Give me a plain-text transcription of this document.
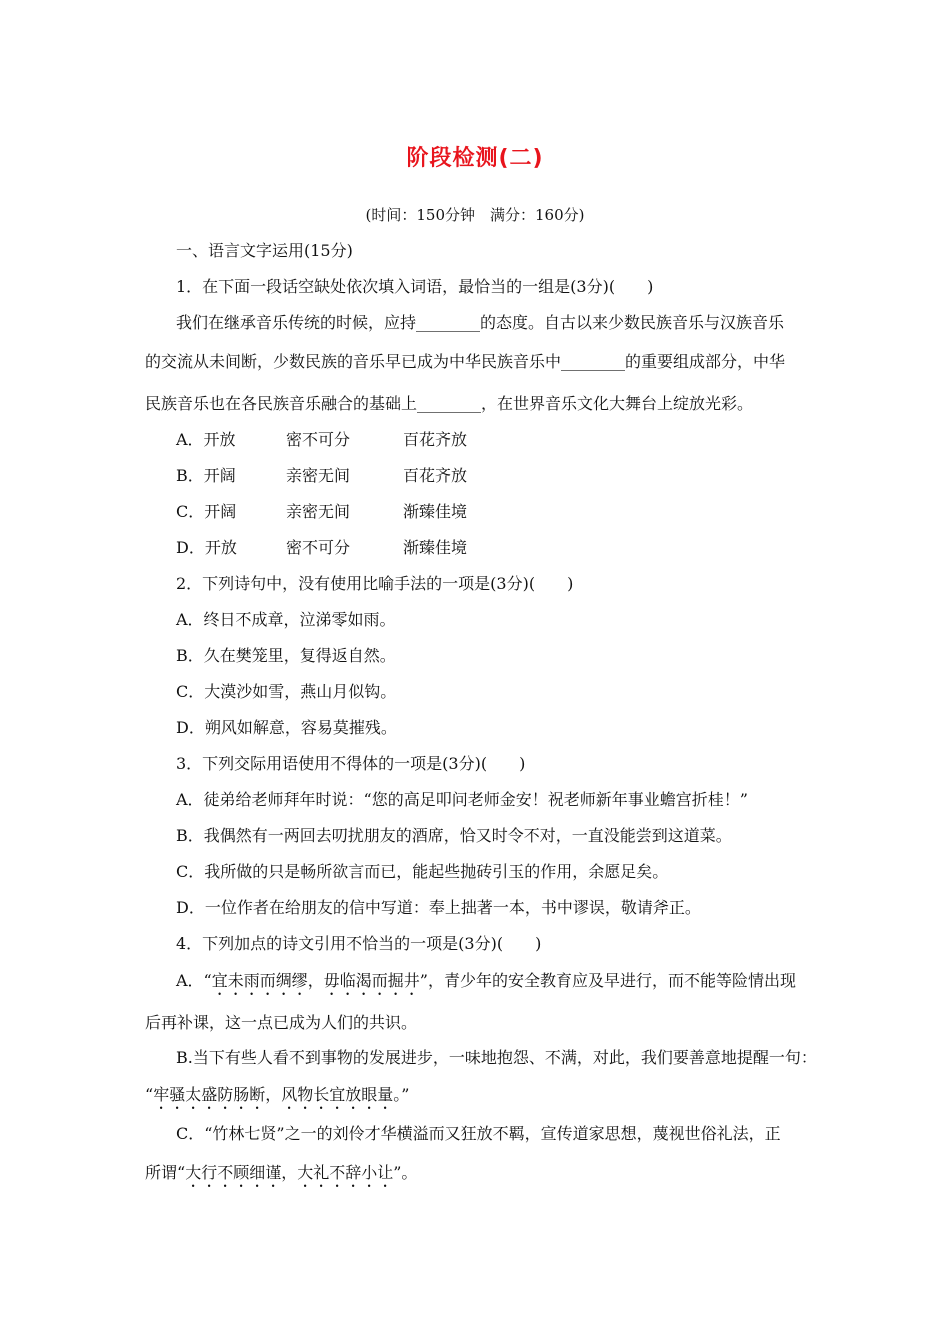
阶段检测(二)
(时间：150分钟　满分：160分)
一、语言文字运用(15分)
1．在下面一段话空缺处依次填入词语，最恰当的一组是(3分)(　　)
我们在继承音乐传统的时候，应持________的态度。自古以来少数民族音乐与汉族音乐
的交流从未间断，少数民族的音乐早已成为中华民族音乐中________的重要组成部分，中华
民族音乐也在各民族音乐融合的基础上________，在世界音乐文化大舞台上绽放光彩。
A．开放	密不可分	百花齐放
B．开阔	亲密无间	百花齐放
C．开阔	亲密无间	渐臻佳境
D．开放	密不可分	渐臻佳境
2．下列诗句中，没有使用比喻手法的一项是(3分)(　　)
A．终日不成章，泣涕零如雨。
B．久在樊笼里，复得返自然。
C．大漠沙如雪，燕山月似钩。
D．朔风如解意，容易莫摧残。
3．下列交际用语使用不得体的一项是(3分)(　　)
A．徒弟给老师拜年时说：“您的高足叩问老师金安！祝老师新年事业蟾宫折桂！”
B．我偶然有一两回去叨扰朋友的酒席，恰又时令不对，一直没能尝到这道菜。
C．我所做的只是畅所欲言而已，能起些抛砖引玉的作用，余愿足矣。
D．一位作者在给朋友的信中写道：奉上拙著一本，书中谬误，敬请斧正。
4．下列加点的诗文引用不恰当的一项是(3分)(　　)
A．“宜未雨而绸缪，毋临渴而掘井”，青少年的安全教育应及早进行，而不能等险情出现
后再补课，这一点已成为人们的共识。
B.当下有些人看不到事物的发展进步，一味地抱怨、不满，对此，我们要善意地提醒一句：
“牢骚太盛防肠断，风物长宜放眼量。”
C．“竹林七贤”之一的刘伶才华横溢而又狂放不羁，宣传道家思想，蔑视世俗礼法，正
所谓“大行不顾细谨，大礼不辞小让”。
